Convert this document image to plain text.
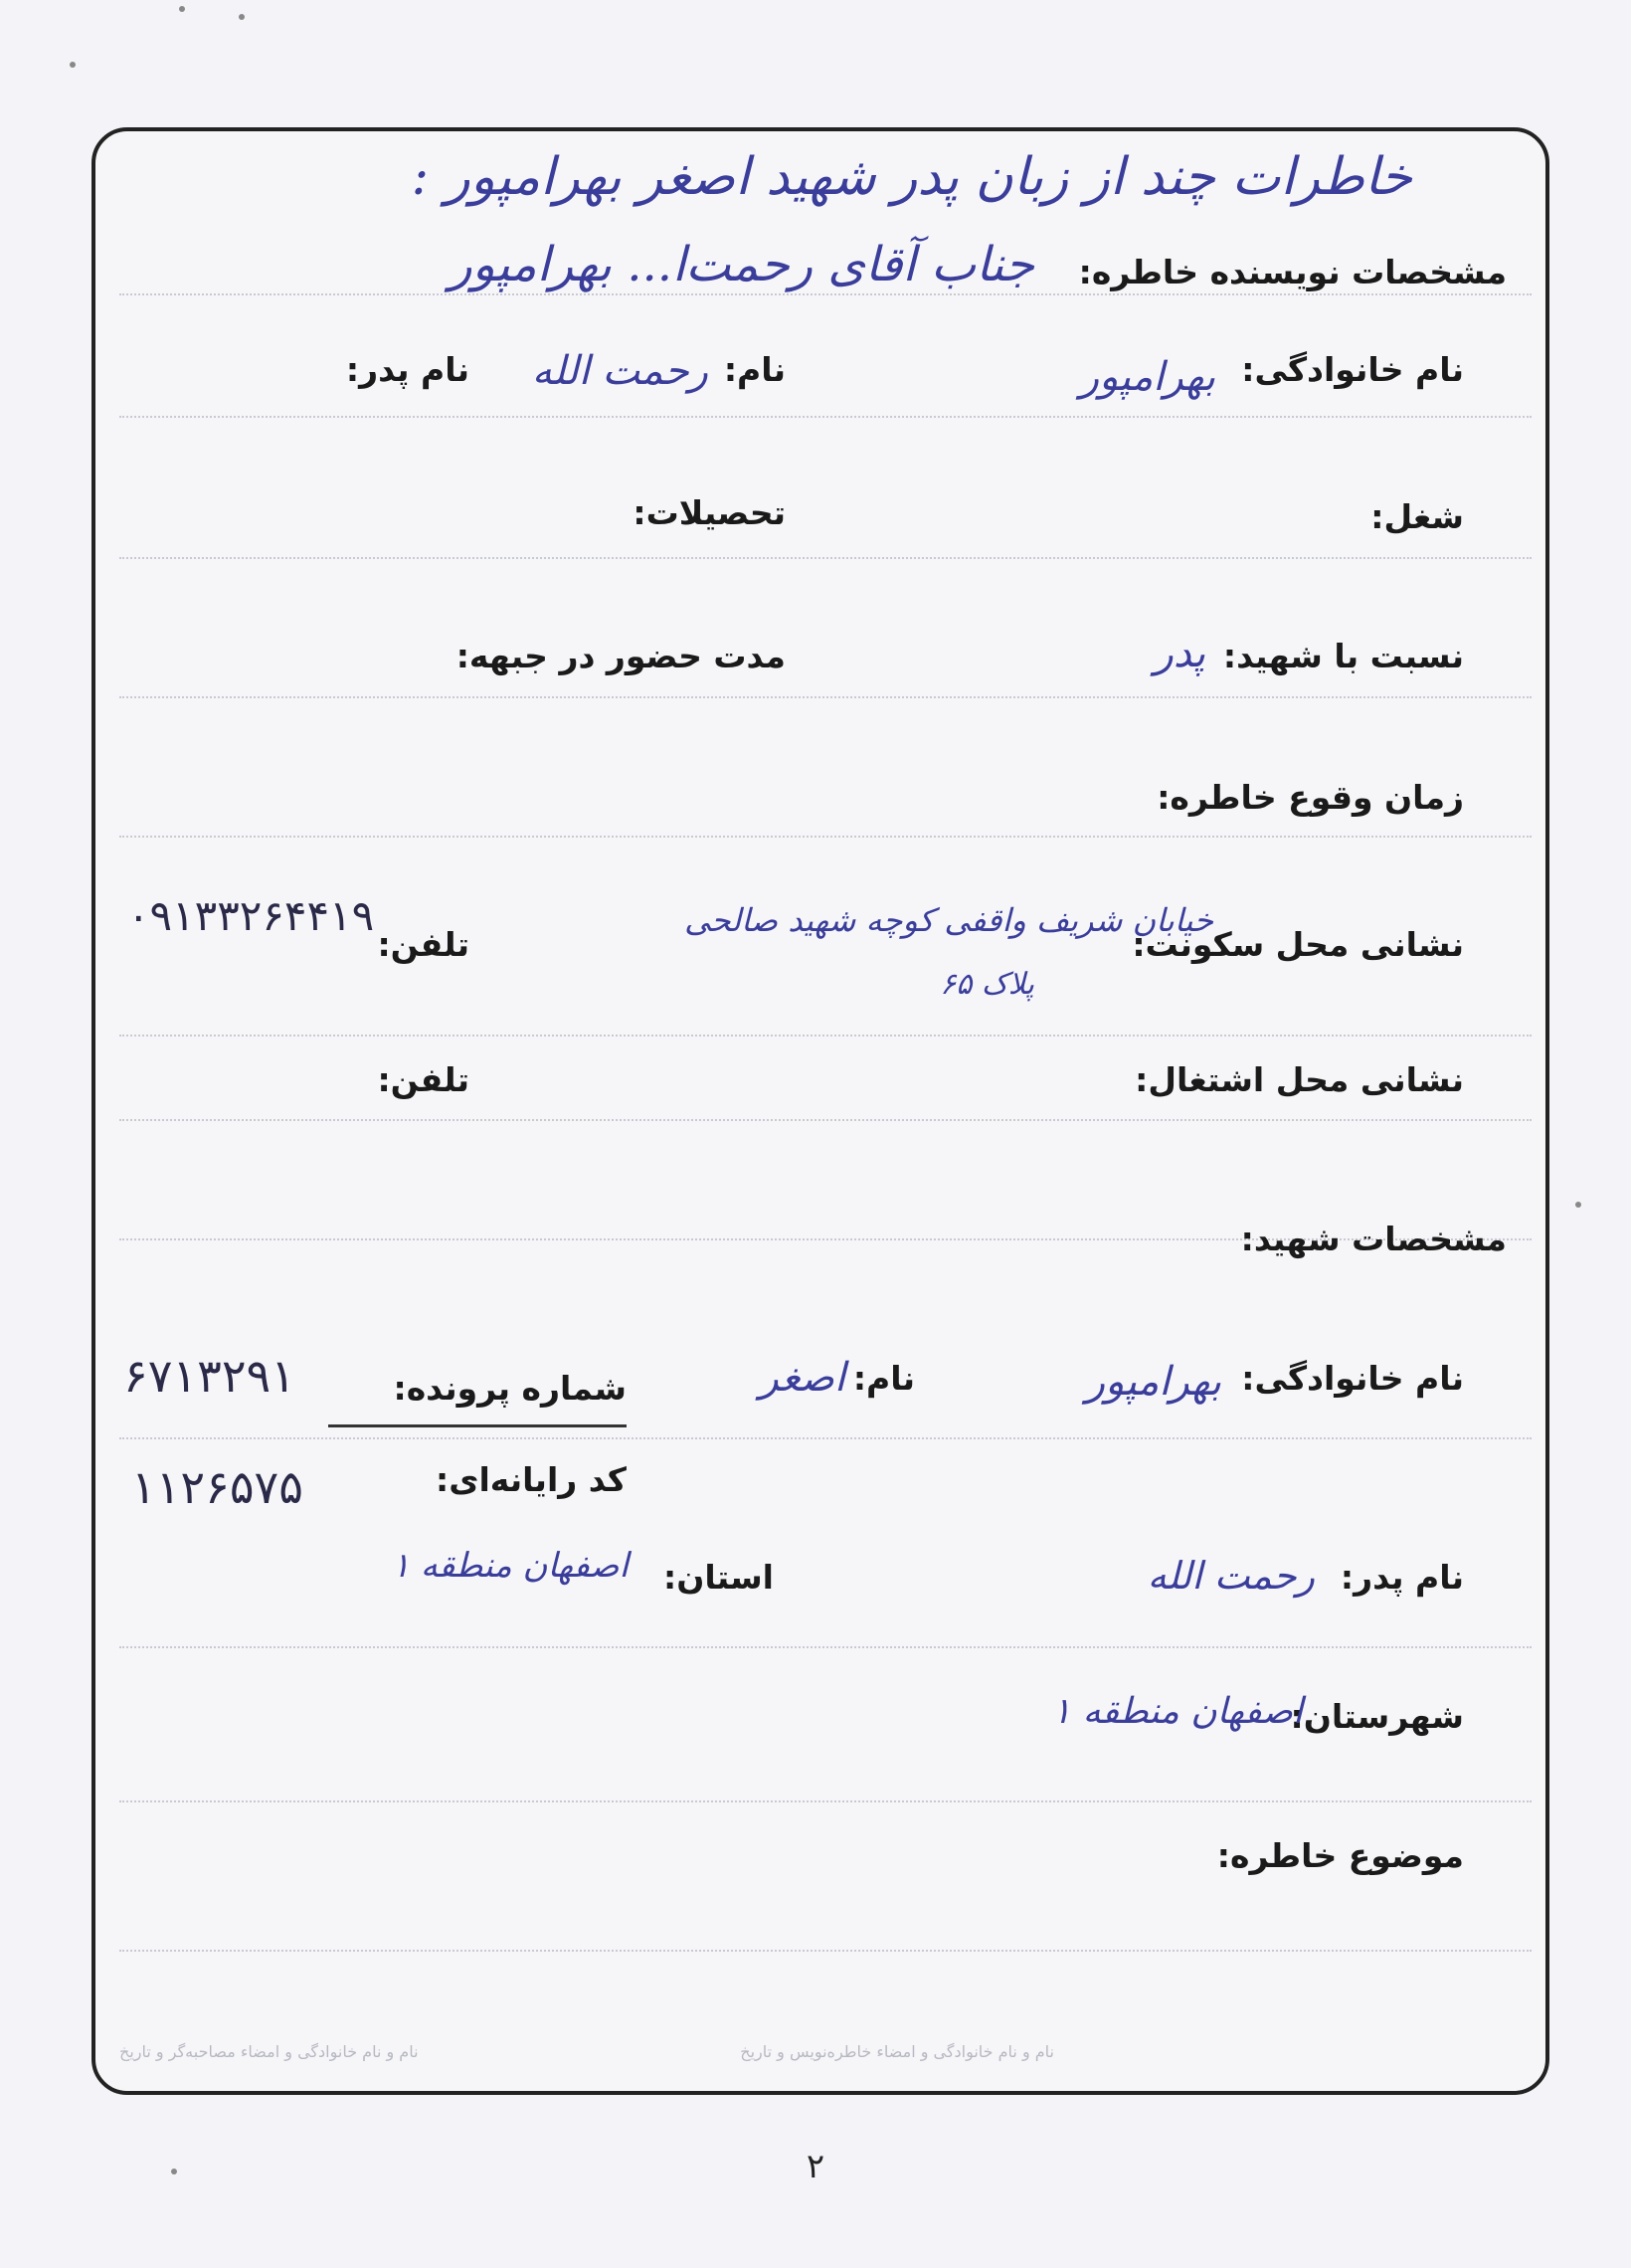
خاطرات چند از زبان پدر شهید اصغر بهرامپور :
جناب آقای رحمت‌ا... بهرامپور مشخصات نویسنده خاطره:
نام خانوادگی:
بهرامپور
نام:
رحمت الله
نام پدر:
شغل:
تحصیلات:
نسبت با شهید:
پدر
مدت حضور در جبهه:
زمان وقوع خاطره:
نشانی محل سکونت:
خیابان شریف واقفی کوچه شهید صالحی
پلاک ۶۵
تلفن:
۰۹۱۳۳۲۶۴۴۱۹
نشانی محل اشتغال:
تلفن:
مشخصات شهید:
نام خانوادگی:
بهرامپور
نام:
اصغر
شماره پرونده:
۶۷۱۳۲۹۱
کد رایانه‌ای:
۱۱۲۶۵۷۵
نام پدر:
رحمت الله
استان:
اصفهان منطقه ۱
شهرستان:
اصفهان منطقه ۱
موضوع خاطره:
نام و نام خانوادگی و امضاء خاطره‌نویس و تاریخ
نام و نام خانوادگی و امضاء مصاحبه‌گر و تاریخ
۲
